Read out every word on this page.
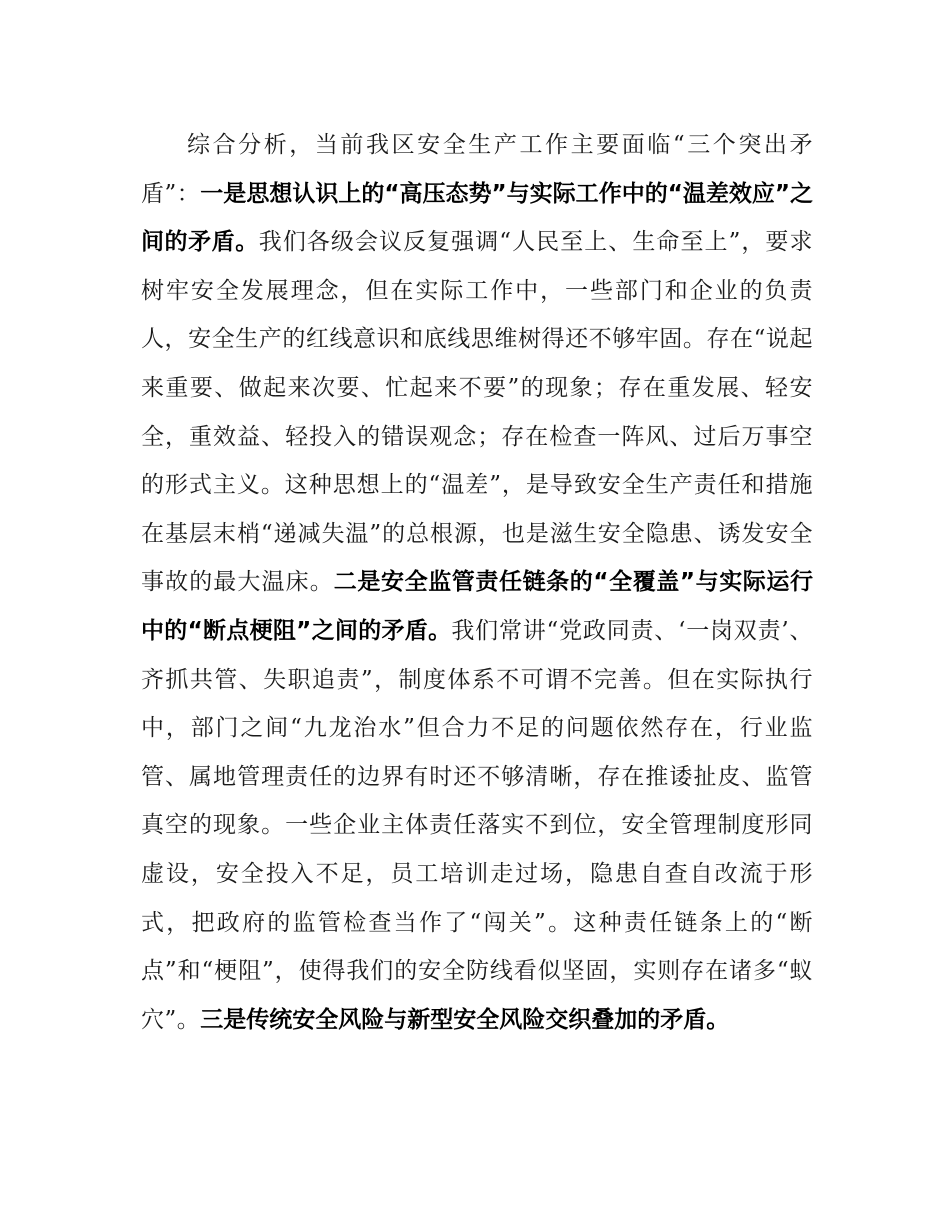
综合分析，当前我区安全生产工作主要面临“三个突出矛盾”：一是思想认识上的“高压态势”与实际工作中的“温差效应”之间的矛盾。我们各级会议反复强调“人民至上、生命至上”，要求树牢安全发展理念，但在实际工作中，一些部门和企业的负责人，安全生产的红线意识和底线思维树得还不够牢固。存在“说起来重要、做起来次要、忙起来不要”的现象；存在重发展、轻安全，重效益、轻投入的错误观念；存在检查一阵风、过后万事空的形式主义。这种思想上的“温差”，是导致安全生产责任和措施在基层末梢“递减失温”的总根源，也是滋生安全隐患、诱发安全事故的最大温床。二是安全监管责任链条的“全覆盖”与实际运行中的“断点梗阻”之间的矛盾。我们常讲“党政同责、‘一岗双责’、齐抓共管、失职追责”，制度体系不可谓不完善。但在实际执行中，部门之间“九龙治水”但合力不足的问题依然存在，行业监管、属地管理责任的边界有时还不够清晰，存在推诿扯皮、监管真空的现象。一些企业主体责任落实不到位，安全管理制度形同虚设，安全投入不足，员工培训走过场，隐患自查自改流于形式，把政府的监管检查当作了“闯关”。这种责任链条上的“断点”和“梗阻”，使得我们的安全防线看似坚固，实则存在诸多“蚁穴”。三是传统安全风险与新型安全风险交织叠加的矛盾。
